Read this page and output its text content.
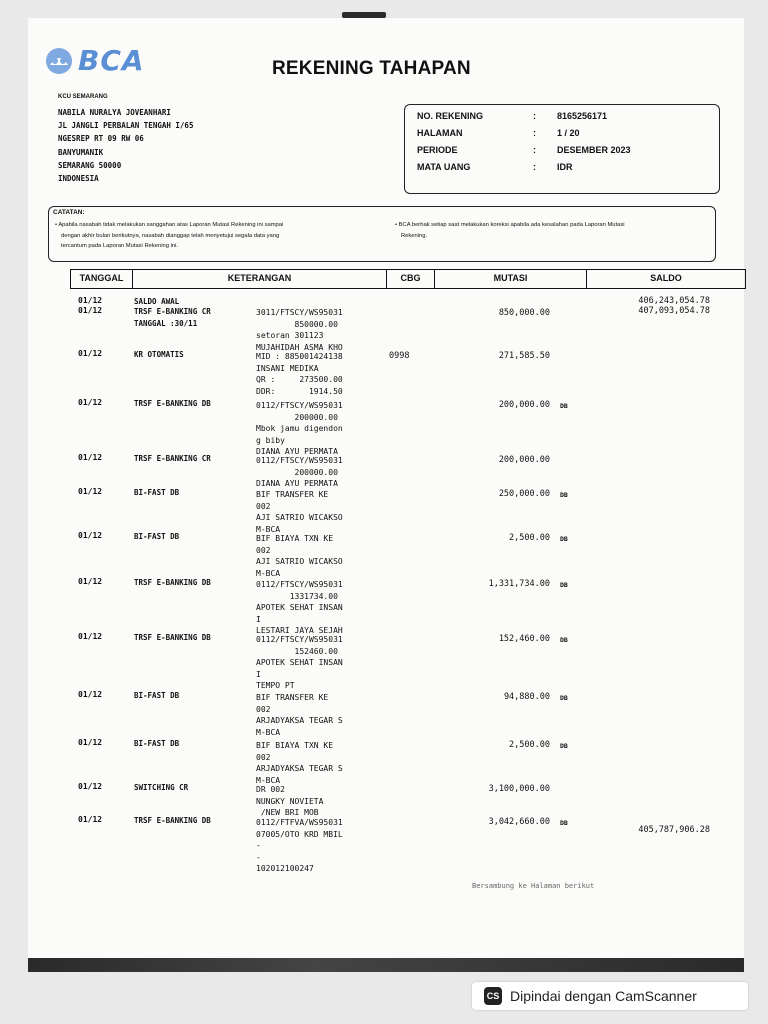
BCA	REKENING TAHAPAN
KCU SEMARANG
NABILA NURALYA JOVEANHARI
JL JANGLI PERBALAN TENGAH I/65
NGESREP RT 09 RW 06
BANYUMANIK
SEMARANG 50000
INDONESIA
NO. REKENING	:	8165256171
HALAMAN	:	1 / 20
PERIODE	:	DESEMBER 2023
MATA UANG	:	IDR
CATATAN:
• Apabila nasabah tidak melakukan sanggahan atas Laporan Mutasi Rekening ini sampai
dengan akhir bulan berikutnya, nasabah dianggap telah menyetujui segala data yang
tercantum pada Laporan Mutasi Rekening ini.
• BCA berhak setiap saat melakukan koreksi apabila ada kesalahan pada Laporan Mutasi
Rekening.
TANGGAL	KETERANGAN	CBG	MUTASI	SALDO
01/12	SALDO AWAL	406,243,054.78
01/12	TRSF E-BANKING CR
TANGGAL :30/11
3011/FTSCY/WS95031
850000.00
setoran 301123
MUJAHIDAH ASMA KHO
850,000.00	407,093,054.78
01/12	KR OTOMATIS	MID : 885001424138
INSANI MEDIKA
QR :     273500.00
DDR:       1914.50
0998	271,585.50
01/12	TRSF E-BANKING DB	0112/FTSCY/WS95031
200000.00
Mbok jamu digendon
g biby
DIANA AYU PERMATA
200,000.00 DB
01/12	TRSF E-BANKING CR	0112/FTSCY/WS95031
200000.00
DIANA AYU PERMATA
200,000.00
01/12	BI-FAST DB	BIF TRANSFER KE
002
AJI SATRIO WICAKSO
M-BCA
250,000.00 DB
01/12	BI-FAST DB	BIF BIAYA TXN KE
002
AJI SATRIO WICAKSO
M-BCA
2,500.00 DB
01/12	TRSF E-BANKING DB	0112/FTSCY/WS95031
1331734.00
APOTEK SEHAT INSAN
I
LESTARI JAYA SEJAH
1,331,734.00 DB
01/12	TRSF E-BANKING DB	0112/FTSCY/WS95031
152460.00
APOTEK SEHAT INSAN
I
TEMPO PT
152,460.00 DB
01/12	BI-FAST DB	BIF TRANSFER KE
002
ARJADYAKSA TEGAR S
M-BCA
94,880.00 DB
01/12	BI-FAST DB	BIF BIAYA TXN KE
002
ARJADYAKSA TEGAR S
M-BCA
2,500.00 DB
01/12	SWITCHING CR	DR 002
NUNGKY NOVIETA
/NEW BRI MOB
3,100,000.00
01/12	TRSF E-BANKING DB	0112/FTFVA/WS95031
07005/OTO KRD MBIL
-
-
102012100247
3,042,660.00 DB
405,787,906.28
Bersambung ke Halaman berikut
CS Dipindai dengan CamScanner
